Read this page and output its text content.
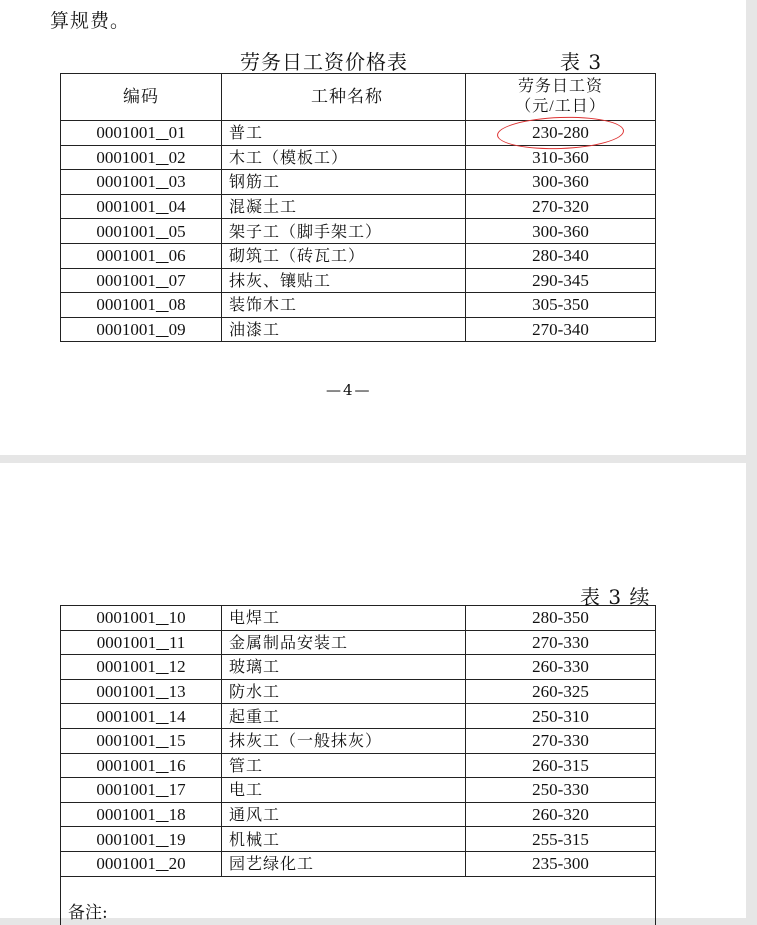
算规费。

劳务日工资价格表	表 3
编码	工种名称	劳务日工资
（元/工日）
0001001 01	普工	230-280
0001001 02	木工（模板工）	310-360
0001001 03	钢筋工	300-360
0001001 04	混凝土工	270-320
0001001 05	架子工（脚手架工）	300-360
0001001 06	砌筑工（砖瓦工）	280-340
0001001 07	抹灰、镶贴工	290-345
0001001 08	装饰木工	305-350
0001001 09	油漆工	270-340
—4—
表 3 续
0001001 10	电焊工	280-350
0001001 11	金属制品安装工	270-330
0001001 12	玻璃工	260-330
0001001 13	防水工	260-325
0001001 14	起重工	250-310
0001001 15	抹灰工（一般抹灰）	270-330
0001001 16	管工	260-315
0001001 17	电工	250-330
0001001 18	通风工	260-320
0001001 19	机械工	255-315
0001001 20	园艺绿化工	235-300
备注:		
